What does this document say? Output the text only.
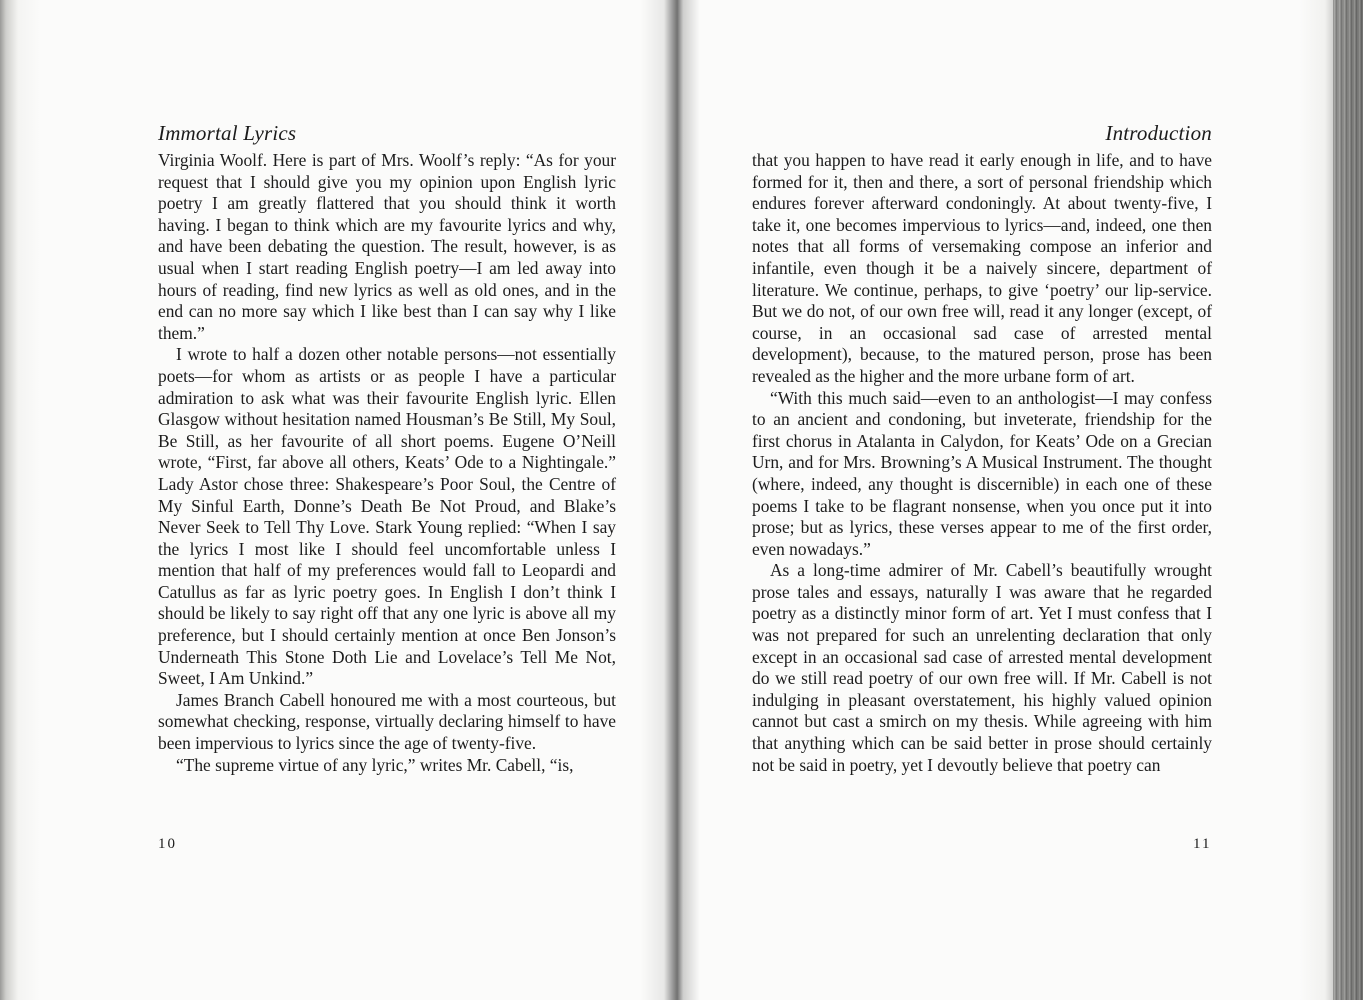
Immortal Lyrics

Virginia Woolf. Here is part of Mrs. Woolf’s reply: “As for your request that I should give you my opinion upon English lyric poetry I am greatly flattered that you should think it worth having. I began to think which are my favourite lyrics and why, and have been debating the question. The result, however, is as usual when I start reading English poetry—I am led away into hours of reading, find new lyrics as well as old ones, and in the end can no more say which I like best than I can say why I like them.”

I wrote to half a dozen other notable persons—not essentially poets—for whom as artists or as people I have a particular admiration to ask what was their favourite English lyric. Ellen Glasgow without hesitation named Housman’s Be Still, My Soul, Be Still, as her favourite of all short poems. Eugene O’Neill wrote, “First, far above all others, Keats’ Ode to a Nightingale.” Lady Astor chose three: Shakespeare’s Poor Soul, the Centre of My Sinful Earth, Donne’s Death Be Not Proud, and Blake’s Never Seek to Tell Thy Love. Stark Young replied: “When I say the lyrics I most like I should feel uncomfortable unless I mention that half of my preferences would fall to Leopardi and Catullus as far as lyric poetry goes. In English I don’t think I should be likely to say right off that any one lyric is above all my preference, but I should certainly mention at once Ben Jonson’s Underneath This Stone Doth Lie and Lovelace’s Tell Me Not, Sweet, I Am Unkind.”

James Branch Cabell honoured me with a most courteous, but somewhat checking, response, virtually declaring himself to have been impervious to lyrics since the age of twenty-five.

“The supreme virtue of any lyric,” writes Mr. Cabell, “is,

Introduction

that you happen to have read it early enough in life, and to have formed for it, then and there, a sort of personal friendship which endures forever afterward condoningly. At about twenty-five, I take it, one becomes impervious to lyrics—and, indeed, one then notes that all forms of versemaking compose an inferior and infantile, even though it be a naively sincere, department of literature. We continue, perhaps, to give ‘poetry’ our lip-service. But we do not, of our own free will, read it any longer (except, of course, in an occasional sad case of arrested mental development), because, to the matured person, prose has been revealed as the higher and the more urbane form of art.

“With this much said—even to an anthologist—I may confess to an ancient and condoning, but inveterate, friendship for the first chorus in Atalanta in Calydon, for Keats’ Ode on a Grecian Urn, and for Mrs. Browning’s A Musical Instrument. The thought (where, indeed, any thought is discernible) in each one of these poems I take to be flagrant nonsense, when you once put it into prose; but as lyrics, these verses appear to me of the first order, even nowadays.”

As a long-time admirer of Mr. Cabell’s beautifully wrought prose tales and essays, naturally I was aware that he regarded poetry as a distinctly minor form of art. Yet I must confess that I was not prepared for such an unrelenting declaration that only except in an occasional sad case of arrested mental development do we still read poetry of our own free will. If Mr. Cabell is not indulging in pleasant overstatement, his highly valued opinion cannot but cast a smirch on my thesis. While agreeing with him that anything which can be said better in prose should certainly not be said in poetry, yet I devoutly believe that poetry can

10	11
